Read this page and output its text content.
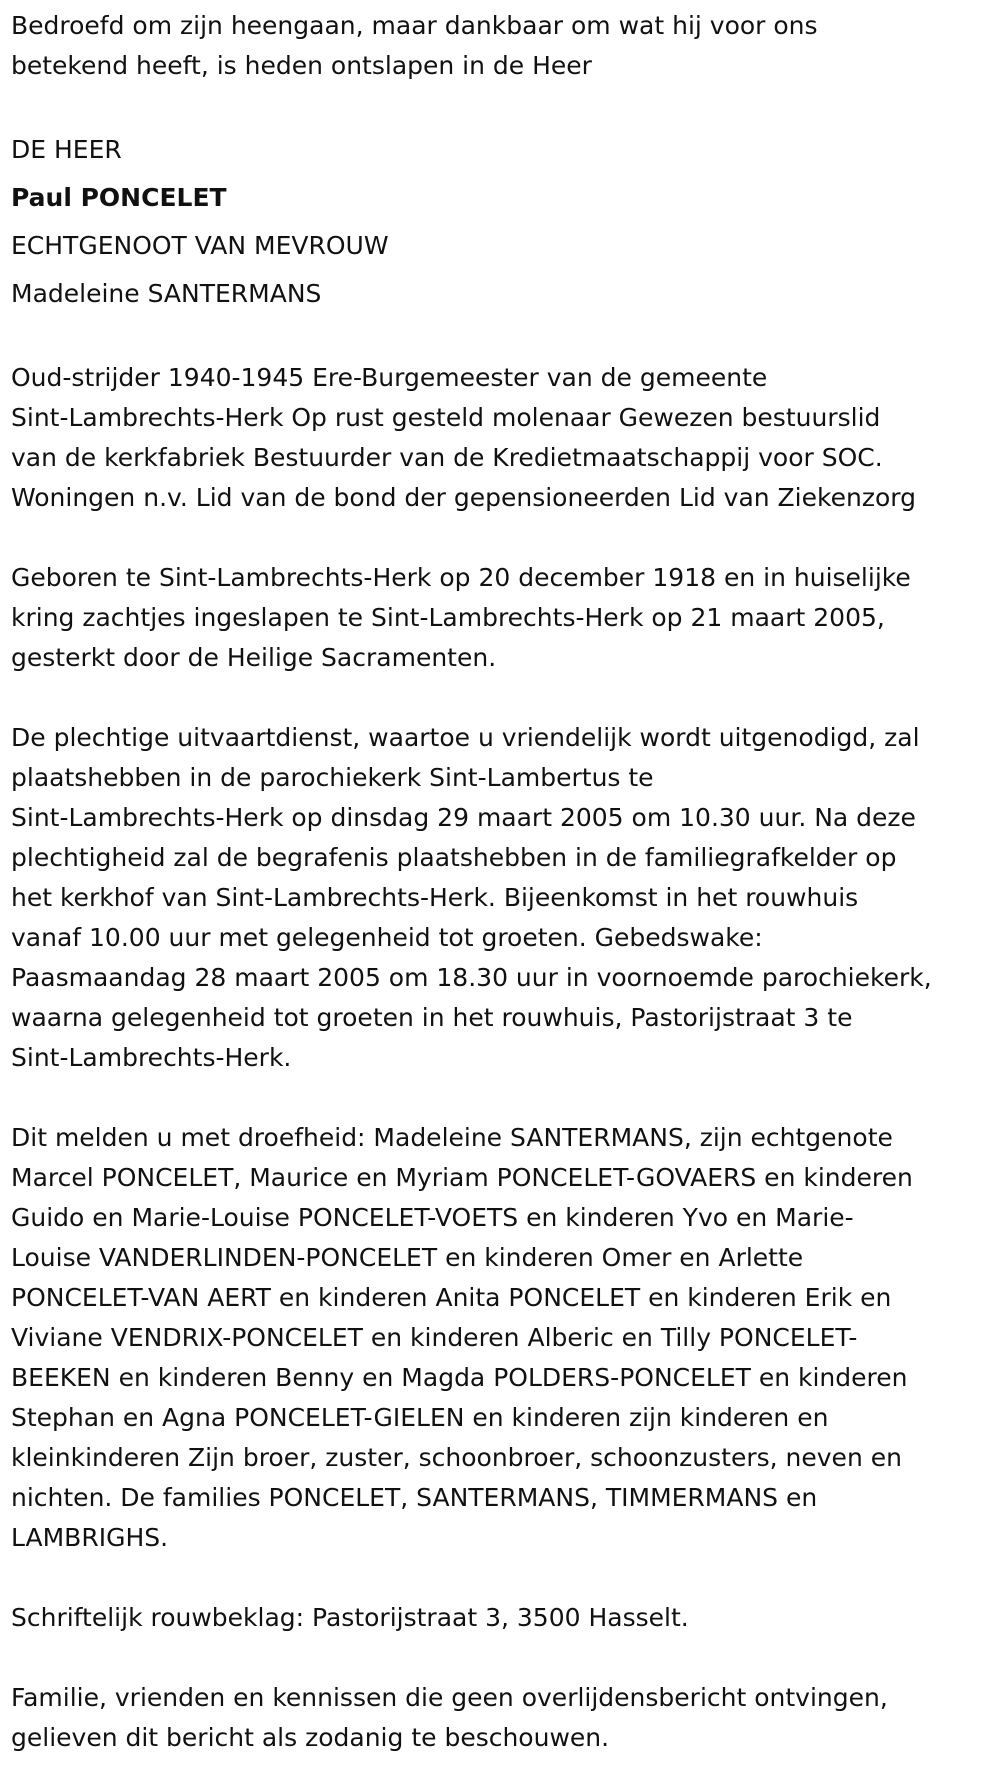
Bedroefd om zijn heengaan, maar dankbaar om wat hij voor ons
betekend heeft, is heden ontslapen in de Heer

DE HEER

Paul PONCELET

ECHTGENOOT VAN MEVROUW

Madeleine SANTERMANS

Oud-strijder 1940-1945 Ere-Burgemeester van de gemeente
Sint-Lambrechts-Herk Op rust gesteld molenaar Gewezen bestuurslid
van de kerkfabriek Bestuurder van de Kredietmaatschappij voor SOC.
Woningen n.v. Lid van de bond der gepensioneerden Lid van Ziekenzorg

Geboren te Sint-Lambrechts-Herk op 20 december 1918 en in huiselijke
kring zachtjes ingeslapen te Sint-Lambrechts-Herk op 21 maart 2005,
gesterkt door de Heilige Sacramenten.

De plechtige uitvaartdienst, waartoe u vriendelijk wordt uitgenodigd, zal
plaatshebben in de parochiekerk Sint-Lambertus te
Sint-Lambrechts-Herk op dinsdag 29 maart 2005 om 10.30 uur. Na deze
plechtigheid zal de begrafenis plaatshebben in de familiegrafkelder op
het kerkhof van Sint-Lambrechts-Herk. Bijeenkomst in het rouwhuis
vanaf 10.00 uur met gelegenheid tot groeten. Gebedswake:
Paasmaandag 28 maart 2005 om 18.30 uur in voornoemde parochiekerk,
waarna gelegenheid tot groeten in het rouwhuis, Pastorijstraat 3 te
Sint-Lambrechts-Herk.

Dit melden u met droefheid: Madeleine SANTERMANS, zijn echtgenote
Marcel PONCELET, Maurice en Myriam PONCELET-GOVAERS en kinderen
Guido en Marie-Louise PONCELET-VOETS en kinderen Yvo en Marie-
Louise VANDERLINDEN-PONCELET en kinderen Omer en Arlette
PONCELET-VAN AERT en kinderen Anita PONCELET en kinderen Erik en
Viviane VENDRIX-PONCELET en kinderen Alberic en Tilly PONCELET-
BEEKEN en kinderen Benny en Magda POLDERS-PONCELET en kinderen
Stephan en Agna PONCELET-GIELEN en kinderen zijn kinderen en
kleinkinderen Zijn broer, zuster, schoonbroer, schoonzusters, neven en
nichten. De families PONCELET, SANTERMANS, TIMMERMANS en
LAMBRIGHS.

Schriftelijk rouwbeklag: Pastorijstraat 3, 3500 Hasselt.

Familie, vrienden en kennissen die geen overlijdensbericht ontvingen,
gelieven dit bericht als zodanig te beschouwen.
